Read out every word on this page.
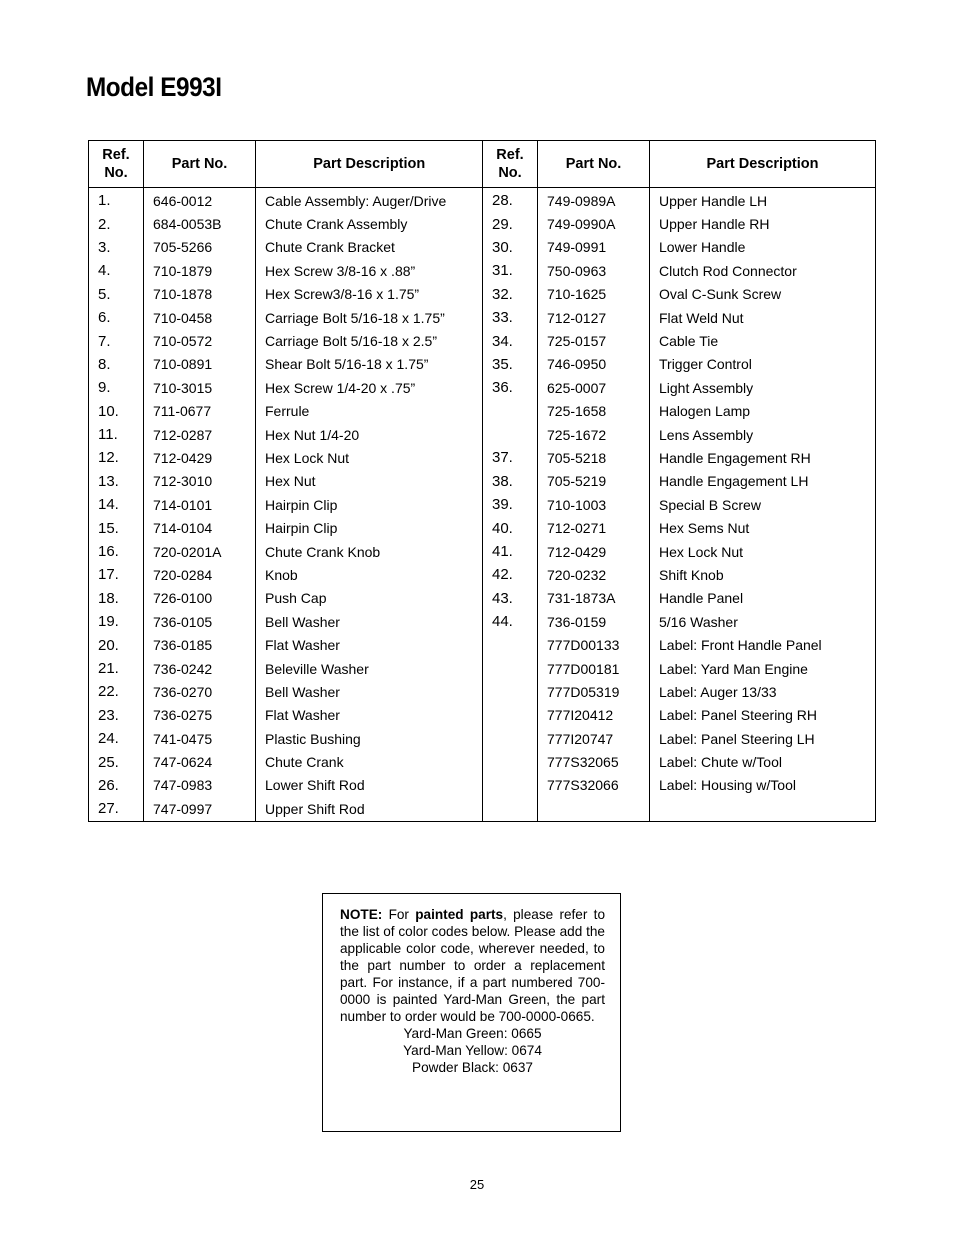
Model E993I
Ref.
No.	Part No.	Part Description
1.	646-0012	Cable Assembly: Auger/Drive
2.	684-0053B	Chute Crank Assembly
3.	705-5266	Chute Crank Bracket
4.	710-1879	Hex Screw 3/8-16 x .88”
5.	710-1878	Hex Screw3/8-16 x 1.75”
6.	710-0458	Carriage Bolt 5/16-18 x 1.75”
7.	710-0572	Carriage Bolt 5/16-18 x 2.5”
8.	710-0891	Shear Bolt 5/16-18 x 1.75”
9.	710-3015	Hex Screw 1/4-20 x .75”
10.	711-0677	Ferrule
11.	712-0287	Hex Nut 1/4-20
12.	712-0429	Hex Lock Nut
13.	712-3010	Hex Nut
14.	714-0101	Hairpin Clip
15.	714-0104	Hairpin Clip
16.	720-0201A	Chute Crank Knob
17.	720-0284	Knob
18.	726-0100	Push Cap
19.	736-0105	Bell Washer
20.	736-0185	Flat Washer
21.	736-0242	Beleville Washer
22.	736-0270	Bell Washer
23.	736-0275	Flat Washer
24.	741-0475	Plastic Bushing
25.	747-0624	Chute Crank
26.	747-0983	Lower Shift Rod
27.	747-0997	Upper Shift Rod
Ref.
No.	Part No.	Part Description
28.	749-0989A	Upper Handle LH
29.	749-0990A	Upper Handle RH
30.	749-0991	Lower Handle
31.	750-0963	Clutch Rod Connector
32.	710-1625	Oval C-Sunk Screw
33.	712-0127	Flat Weld Nut
34.	725-0157	Cable Tie
35.	746-0950	Trigger Control
36.	625-0007	Light Assembly
	725-1658	Halogen Lamp
	725-1672	Lens Assembly
37.	705-5218	Handle Engagement RH
38.	705-5219	Handle Engagement LH
39.	710-1003	Special B Screw
40.	712-0271	Hex Sems Nut
41.	712-0429	Hex Lock Nut
42.	720-0232	Shift Knob
43.	731-1873A	Handle Panel
44.	736-0159	5/16 Washer
	777D00133	Label: Front Handle Panel
	777D00181	Label: Yard Man Engine
	777D05319	Label: Auger 13/33
	777I20412	Label: Panel Steering RH
	777I20747	Label: Panel Steering LH
	777S32065	Label: Chute w/Tool
	777S32066	Label: Housing w/Tool

NOTE: For painted parts, please refer to the list of color codes below. Please add the applicable color code, wherever needed, to the part number to order a replacement part. For instance, if a part numbered 700-0000 is painted Yard-Man Green, the part number to order would be 700-0000-0665.
Yard-Man Green: 0665
Yard-Man Yellow: 0674
Powder Black: 0637
25
